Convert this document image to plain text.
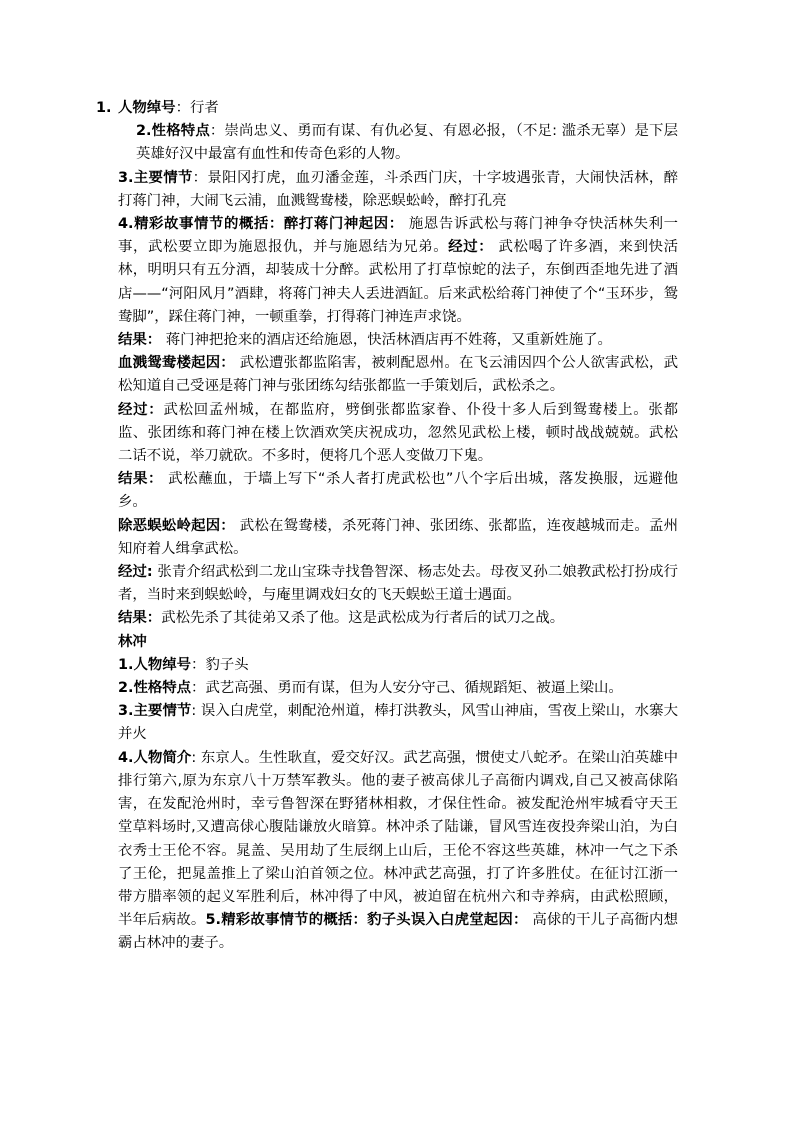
1. 人物绰号：行者

2.性格特点：崇尚忠义、勇而有谋、有仇必复、有恩必报，（不足: 滥杀无辜）是下层英雄好汉中最富有血性和传奇色彩的人物。

3.主要情节：景阳冈打虎，血刃潘金莲，斗杀西门庆，十字坡遇张青，大闹快活林，醉打蒋门神，大闹飞云浦，血溅鸳鸯楼，除恶蜈蚣岭，醉打孔亮

4.精彩故事情节的概括：醉打蒋门神起因： 施恩告诉武松与蒋门神争夺快活林失利一事，武松要立即为施恩报仇，并与施恩结为兄弟。经过： 武松喝了许多酒，来到快活林，明明只有五分酒，却装成十分醉。武松用了打草惊蛇的法子，东倒西歪地先进了酒店——“河阳风月”酒肆，将蒋门神夫人丢进酒缸。后来武松给蒋门神使了个“玉环步，鸳鸯脚”，踩住蒋门神，一顿重拳，打得蒋门神连声求饶。

结果： 蒋门神把抢来的酒店还给施恩，快活林酒店再不姓蒋，又重新姓施了。

血溅鸳鸯楼起因： 武松遭张都监陷害，被刺配恩州。在飞云浦因四个公人欲害武松，武松知道自己受诬是蒋门神与张团练勾结张都监一手策划后，武松杀之。

经过：武松回孟州城，在都监府，劈倒张都监家眷、仆役十多人后到鸳鸯楼上。张都监、张团练和蒋门神在楼上饮酒欢笑庆祝成功，忽然见武松上楼，顿时战战兢兢。武松二话不说，举刀就砍。不多时，便将几个恶人变做刀下鬼。

结果： 武松蘸血，于墙上写下“杀人者打虎武松也”八个字后出城，落发换服，远避他乡。

除恶蜈蚣岭起因： 武松在鸳鸯楼，杀死蒋门神、张团练、张都监，连夜越城而走。孟州知府着人缉拿武松。

经过: 张青介绍武松到二龙山宝珠寺找鲁智深、杨志处去。母夜叉孙二娘教武松打扮成行者，当时来到蜈蚣岭，与庵里调戏妇女的飞天蜈蚣王道士遇面。

结果：武松先杀了其徒弟又杀了他。这是武松成为行者后的试刀之战。

林冲

1.人物绰号：豹子头

2.性格特点：武艺高强、勇而有谋，但为人安分守己、循规蹈矩、被逼上梁山。

3.主要情节: 误入白虎堂，刺配沧州道，棒打洪教头，风雪山神庙，雪夜上梁山，水寨大并火

4.人物简介: 东京人。生性耿直，爱交好汉。武艺高强，惯使丈八蛇矛。在梁山泊英雄中排行第六,原为东京八十万禁军教头。他的妻子被高俅儿子高衙内调戏,自己又被高俅陷害，在发配沧州时，幸亏鲁智深在野猪林相救，才保住性命。被发配沧州牢城看守天王堂草料场时,又遭高俅心腹陆谦放火暗算。林冲杀了陆谦，冒风雪连夜投奔梁山泊，为白衣秀士王伦不容。晁盖、吴用劫了生辰纲上山后，王伦不容这些英雄，林冲一气之下杀了王伦，把晁盖推上了梁山泊首领之位。林冲武艺高强，打了许多胜仗。在征讨江浙一带方腊率领的起义军胜利后，林冲得了中风，被迫留在杭州六和寺养病，由武松照顾，半年后病故。5.精彩故事情节的概括：豹子头误入白虎堂起因： 高俅的干儿子高衙内想霸占林冲的妻子。
